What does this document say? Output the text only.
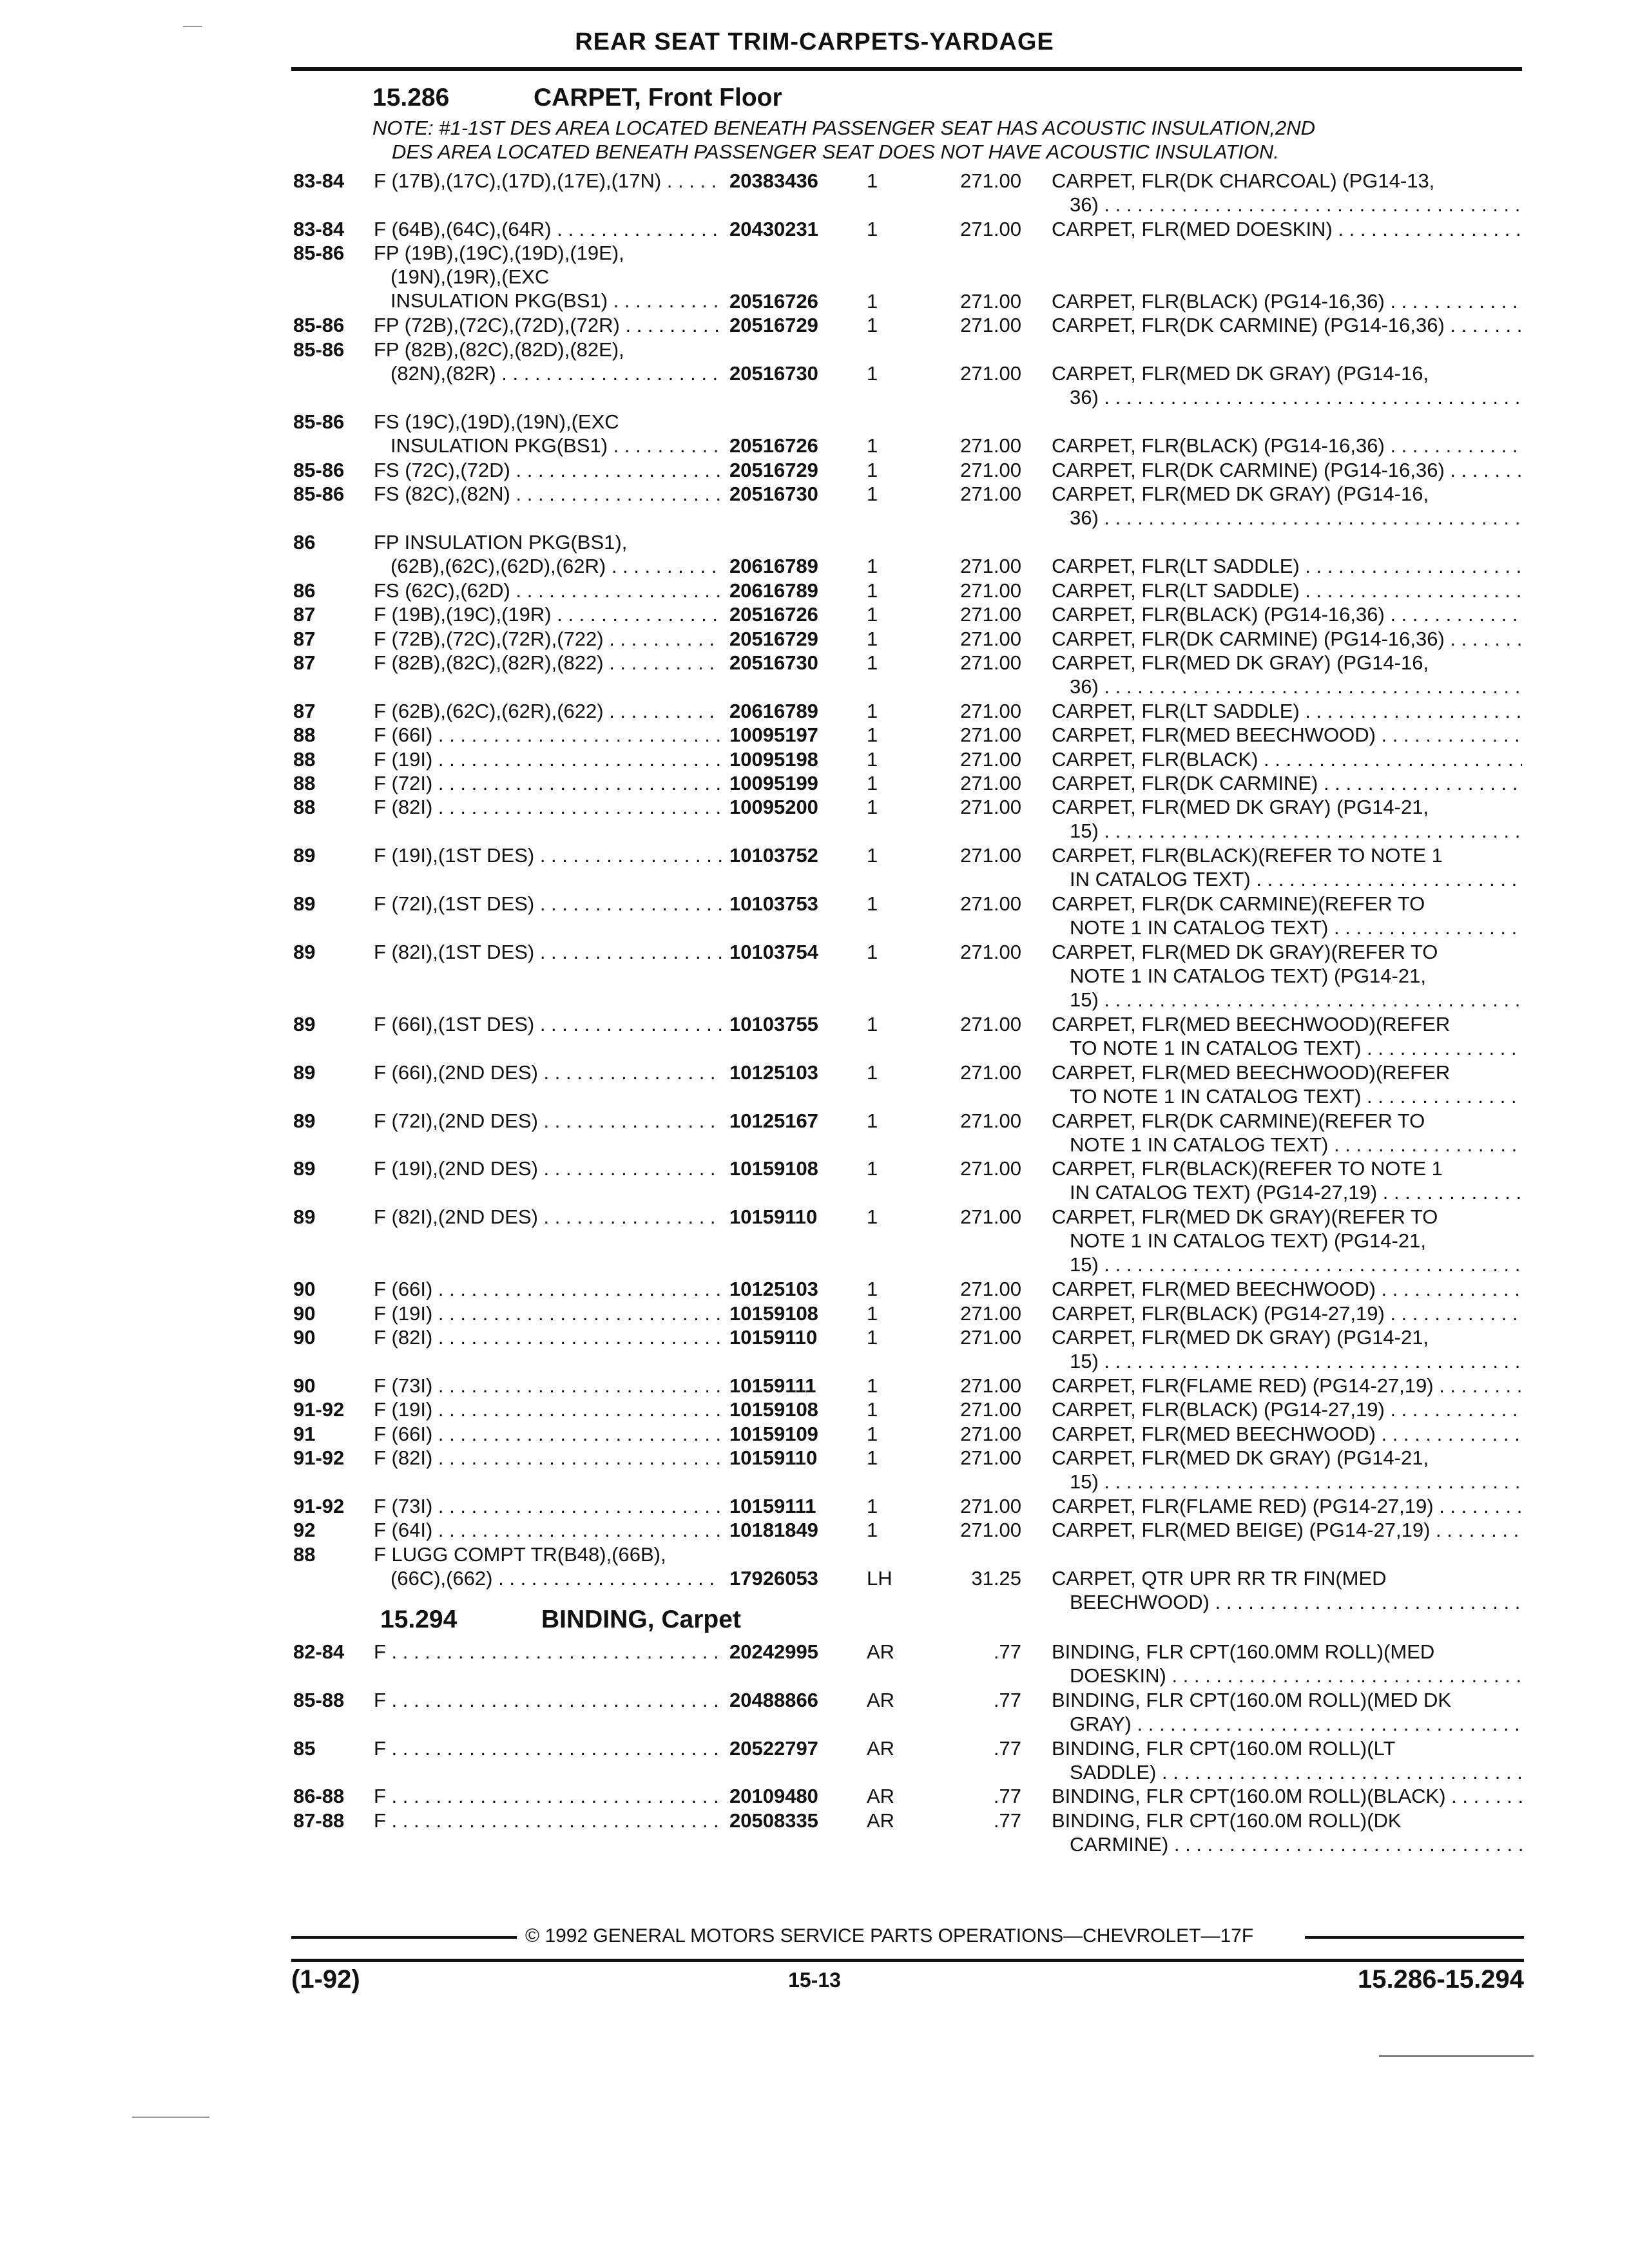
REAR SEAT TRIM-CARPETS-YARDAGE
15.286	CARPET, Front Floor
NOTE: #1-1ST DES AREA LOCATED BENEATH PASSENGER SEAT HAS ACOUSTIC INSULATION,2ND
DES AREA LOCATED BENEATH PASSENGER SEAT DOES NOT HAVE ACOUSTIC INSULATION.
83-84	F (17B),(17C),(17D),(17E),(17N) . . .	20383436	1	271.00 CARPET, FLR(DK CHARCOAL) (PG14-13,
36) . . .
83-84	F (64B),(64C),(64R) . . .	20430231	1	271.00 CARPET, FLR(MED DOESKIN) . . .
85-86	FP (19B),(19C),(19D),(19E),
(19N),(19R),(EXC
INSULATION PKG(BS1) . . .	20516726	1	271.00 CARPET, FLR(BLACK) (PG14-16,36) . . .
85-86	FP (72B),(72C),(72D),(72R) . . .	20516729	1	271.00 CARPET, FLR(DK CARMINE) (PG14-16,36) . . .
85-86	FP (82B),(82C),(82D),(82E),
(82N),(82R) . . .	20516730	1	271.00 CARPET, FLR(MED DK GRAY) (PG14-16,
36) . . .
85-86	FS (19C),(19D),(19N),(EXC
INSULATION PKG(BS1) . . .	20516726	1	271.00 CARPET, FLR(BLACK) (PG14-16,36) . . .
85-86	FS (72C),(72D) . . .	20516729	1	271.00 CARPET, FLR(DK CARMINE) (PG14-16,36) . . .
85-86	FS (82C),(82N) . . .	20516730	1	271.00 CARPET, FLR(MED DK GRAY) (PG14-16,
36) . . .
86	FP INSULATION PKG(BS1),
(62B),(62C),(62D),(62R) . . .	20616789	1	271.00 CARPET, FLR(LT SADDLE) . . .
86	FS (62C),(62D) . . .	20616789	1	271.00 CARPET, FLR(LT SADDLE) . . .
87	F (19B),(19C),(19R) . . .	20516726	1	271.00 CARPET, FLR(BLACK) (PG14-16,36) . . .
87	F (72B),(72C),(72R),(722) . . .	20516729	1	271.00 CARPET, FLR(DK CARMINE) (PG14-16,36) . . .
87	F (82B),(82C),(82R),(822) . . .	20516730	1	271.00 CARPET, FLR(MED DK GRAY) (PG14-16,
36) . . .
87	F (62B),(62C),(62R),(622) . . .	20616789	1	271.00 CARPET, FLR(LT SADDLE) . . .
88	F (66I) . . .	10095197	1	271.00 CARPET, FLR(MED BEECHWOOD) . . .
88	F (19I) . . .	10095198	1	271.00 CARPET, FLR(BLACK) . . .
88	F (72I) . . .	10095199	1	271.00 CARPET, FLR(DK CARMINE) . . .
88	F (82I) . . .	10095200	1	271.00 CARPET, FLR(MED DK GRAY) (PG14-21,
15) . . .
89	F (19I),(1ST DES) . . .	10103752	1	271.00 CARPET, FLR(BLACK)(REFER TO NOTE 1
IN CATALOG TEXT) . . .
89	F (72I),(1ST DES) . . .	10103753	1	271.00 CARPET, FLR(DK CARMINE)(REFER TO
NOTE 1 IN CATALOG TEXT) . . .
89	F (82I),(1ST DES) . . .	10103754	1	271.00 CARPET, FLR(MED DK GRAY)(REFER TO
NOTE 1 IN CATALOG TEXT) (PG14-21,
15) . . .
89	F (66I),(1ST DES) . . .	10103755	1	271.00 CARPET, FLR(MED BEECHWOOD)(REFER
TO NOTE 1 IN CATALOG TEXT) . . .
89	F (66I),(2ND DES) . . .	10125103	1	271.00 CARPET, FLR(MED BEECHWOOD)(REFER
TO NOTE 1 IN CATALOG TEXT) . . .
89	F (72I),(2ND DES) . . .	10125167	1	271.00 CARPET, FLR(DK CARMINE)(REFER TO
NOTE 1 IN CATALOG TEXT) . . .
89	F (19I),(2ND DES) . . .	10159108	1	271.00 CARPET, FLR(BLACK)(REFER TO NOTE 1
IN CATALOG TEXT) (PG14-27,19) . . .
89	F (82I),(2ND DES) . . .	10159110	1	271.00 CARPET, FLR(MED DK GRAY)(REFER TO
NOTE 1 IN CATALOG TEXT) (PG14-21,
15) . . .
90	F (66I) . . .	10125103	1	271.00 CARPET, FLR(MED BEECHWOOD) . . .
90	F (19I) . . .	10159108	1	271.00 CARPET, FLR(BLACK) (PG14-27,19) . . .
90	F (82I) . . .	10159110	1	271.00 CARPET, FLR(MED DK GRAY) (PG14-21,
15) . . .
90	F (73I) . . .	10159111	1	271.00 CARPET, FLR(FLAME RED) (PG14-27,19) . . .
91-92	F (19I) . . .	10159108	1	271.00 CARPET, FLR(BLACK) (PG14-27,19) . . .
91	F (66I) . . .	10159109	1	271.00 CARPET, FLR(MED BEECHWOOD) . . .
91-92	F (82I) . . .	10159110	1	271.00 CARPET, FLR(MED DK GRAY) (PG14-21,
15) . . .
91-92	F (73I) . . .	10159111	1	271.00 CARPET, FLR(FLAME RED) (PG14-27,19) . . .
92	F (64I) . . .	10181849	1	271.00 CARPET, FLR(MED BEIGE) (PG14-27,19) . . .
88	F LUGG COMPT TR(B48),(66B),
(66C),(662) . . .	17926053	LH	31.25 CARPET, QTR UPR RR TR FIN(MED
BEECHWOOD) . . .
15.294	BINDING, Carpet
82-84	F . . .	20242995	AR	.77 BINDING, FLR CPT(160.0MM ROLL)(MED
DOESKIN) . . .
85-88	F . . .	20488866	AR	.77 BINDING, FLR CPT(160.0M ROLL)(MED DK
GRAY) . . .
85	F . . .	20522797	AR	.77 BINDING, FLR CPT(160.0M ROLL)(LT
SADDLE) . . .
86-88	F . . .	20109480	AR	.77 BINDING, FLR CPT(160.0M ROLL)(BLACK) . . .
87-88	F . . .	20508335	AR	.77 BINDING, FLR CPT(160.0M ROLL)(DK
CARMINE) . . .
© 1992 GENERAL MOTORS SERVICE PARTS OPERATIONS—CHEVROLET—17F
(1-92)	15-13	15.286-15.294
